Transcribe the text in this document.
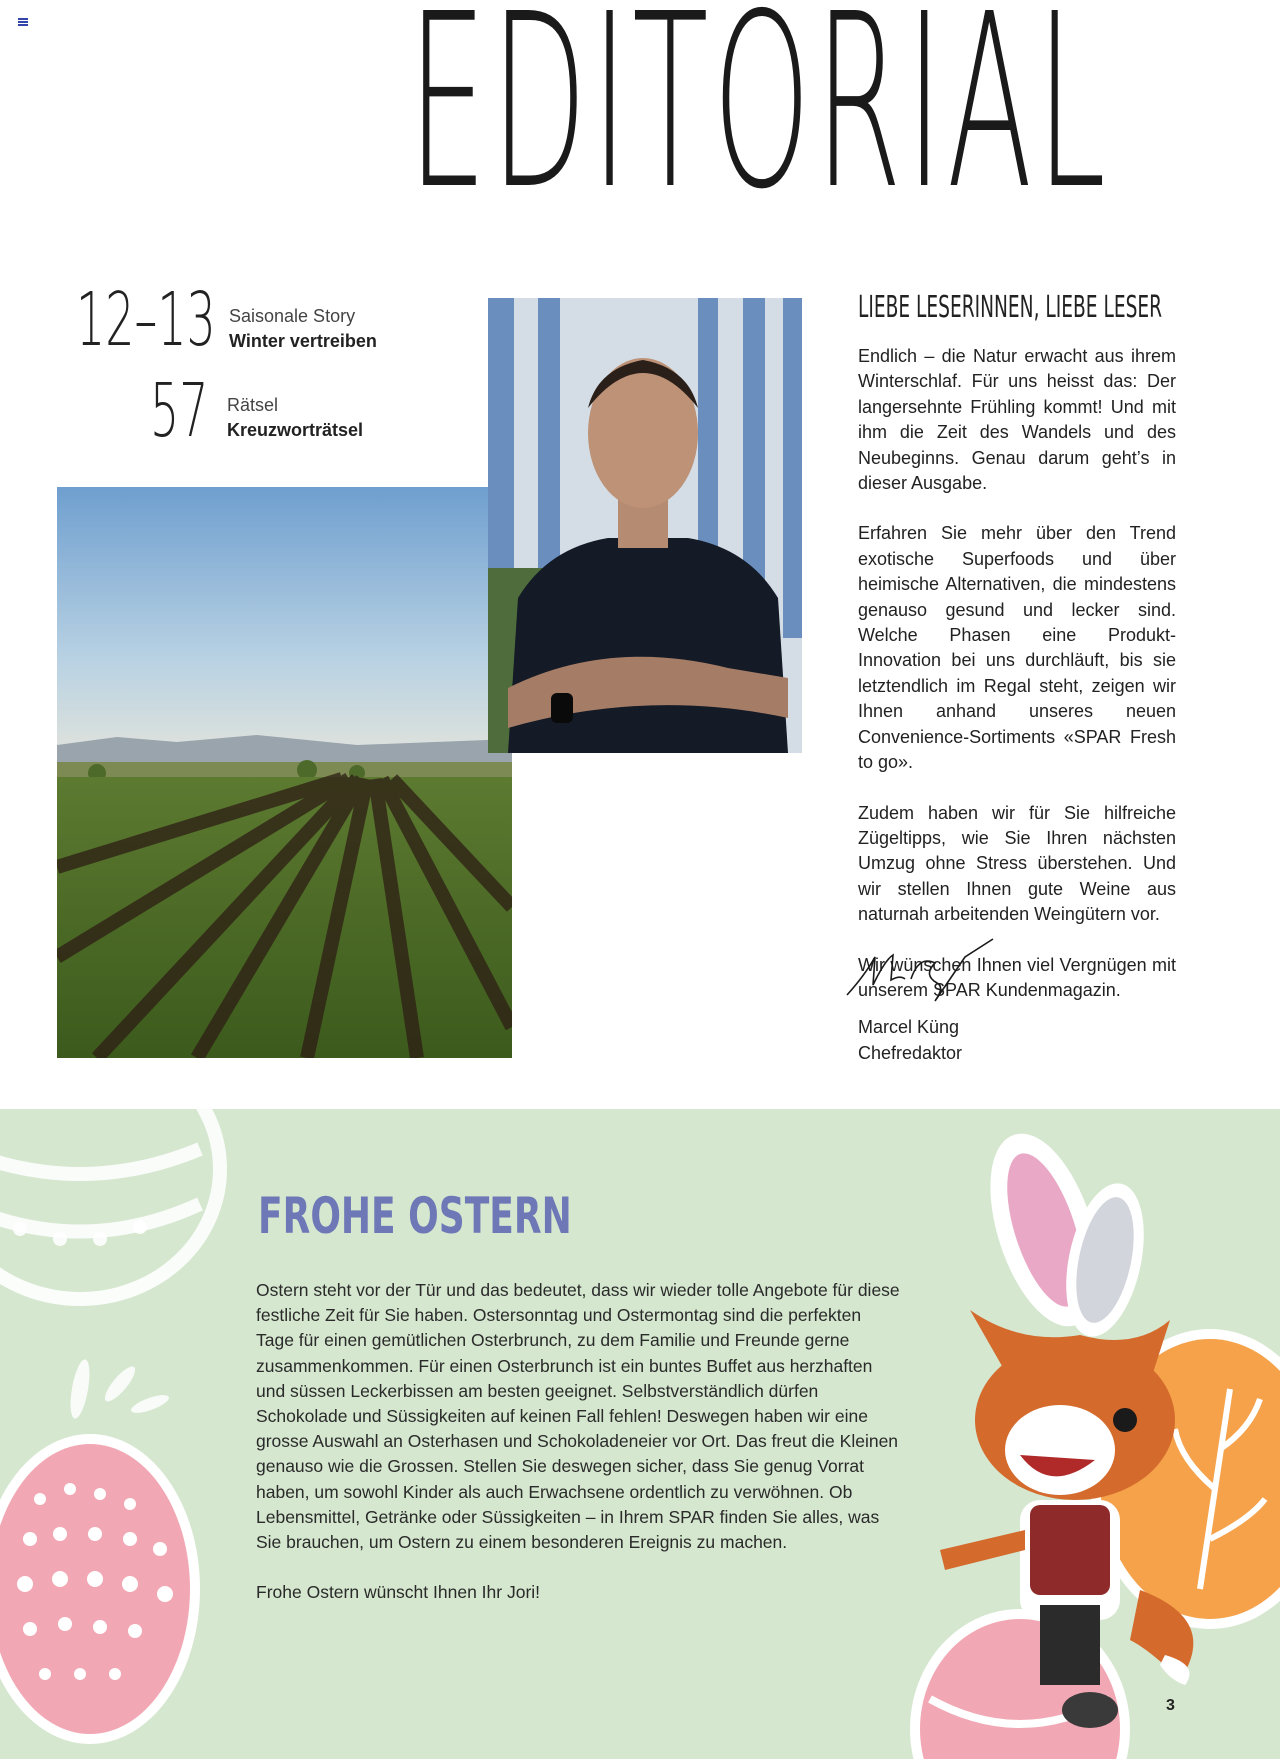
EDITORIAL
12–13 Saisonale Story
Winter vertreiben
57 Rätsel
Kreuzworträtsel
LIEBE LESERINNEN, LIEBE LESER

Endlich – die Natur erwacht aus ihrem Winterschlaf. Für uns heisst das: Der langersehnte Frühling kommt! Und mit ihm die Zeit des Wandels und des Neubeginns. Genau darum geht’s in dieser Ausgabe.

Erfahren Sie mehr über den Trend exotische Superfoods und über heimische Alternativen, die mindestens genauso gesund und lecker sind. Welche Phasen eine Produkt-Innovation bei uns durchläuft, bis sie letztendlich im Regal steht, zeigen wir Ihnen anhand unseres neuen Convenience-Sortiments «SPAR Fresh to go».

Zudem haben wir für Sie hilfreiche Zügeltipps, wie Sie Ihren nächsten Umzug ohne Stress überstehen. Und wir stellen Ihnen gute Weine aus naturnah arbeitenden Weingütern vor.

Wir wünschen Ihnen viel Vergnügen mit unserem SPAR Kundenmagazin.

Marcel Küng
Chefredaktor
FROHE OSTERN

Ostern steht vor der Tür und das bedeutet, dass wir wieder tolle Angebote für diese festliche Zeit für Sie haben. Ostersonntag und Ostermontag sind die perfekten Tage für einen gemütlichen Osterbrunch, zu dem Familie und Freunde gerne zusammenkommen. Für einen Osterbrunch ist ein buntes Buffet aus herzhaften und süssen Leckerbissen am besten geeignet. Selbstverständlich dürfen Schokolade und Süssigkeiten auf keinen Fall fehlen! Deswegen haben wir eine grosse Auswahl an Osterhasen und Schokoladeneier vor Ort. Das freut die Kleinen genauso wie die Grossen. Stellen Sie deswegen sicher, dass Sie genug Vorrat haben, um sowohl Kinder als auch Erwachsene ordentlich zu verwöhnen. Ob Lebensmittel, Getränke oder Süssigkeiten – in Ihrem SPAR finden Sie alles, was Sie brauchen, um Ostern zu einem besonderen Ereignis zu machen.

Frohe Ostern wünscht Ihnen Ihr Jori!

3
